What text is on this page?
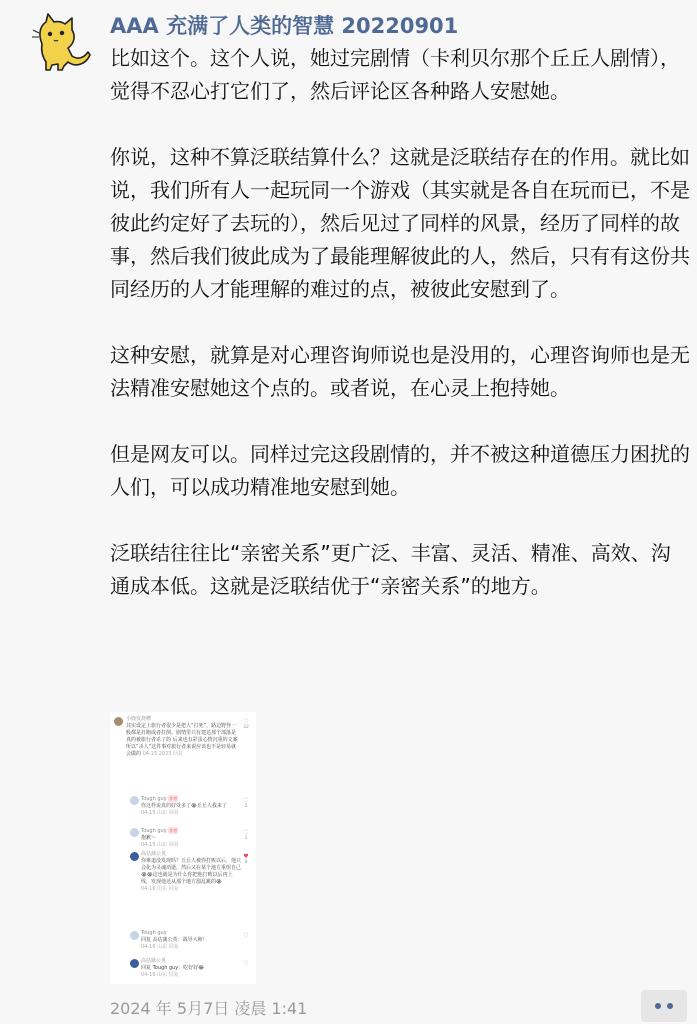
AAA 充满了人类的智慧 20220901

比如这个。这个人说，她过完剧情（卡利贝尔那个丘丘人剧情），觉得不忍心打它们了，然后评论区各种路人安慰她。

你说，这种不算泛联结算什么？这就是泛联结存在的作用。就比如说，我们所有人一起玩同一个游戏（其实就是各自在玩而已，不是彼此约定好了去玩的），然后见过了同样的风景，经历了同样的故事，然后我们彼此成为了最能理解彼此的人，然后，只有有这份共同经历的人才能理解的难过的点，被彼此安慰到了。

这种安慰，就算是对心理咨询师说也是没用的，心理咨询师也是无法精准安慰她这个点的。或者说，在心灵上抱持她。

但是网友可以。同样过完这段剧情的，并不被这种道德压力困扰的人们，可以成功精准地安慰到她。

泛联结往往比“亲密关系”更广泛、丰富、灵活、精准、高效、沟通成本低。这就是泛联结优于“亲密关系”的地方。

小鹿发烧槽
其实设定上旅行者很少是把人“打死”，路边野怪一般都是打跑或者打倒。剧情里只有建达那个部落是真的被旅行者杀了的 后来也有彩蛋心情沉重的文案 所以“杀人”这件事对旅行者来说应该也不是轻易就会做的 04-15 2023 回复
♡
32
Tough guy 作者
你这样说真的好受多了😭丘丘人我来了
04-15 山东 回复
♡
2
Tough guy 作者
抱歉～
04-15 山东 回复
♡
1
高估蒲公英
你难道没发现吗？丘丘人被你打败以后，他只会化为灵魂消逝，然后又在某个地方重组自己😭😭这也就是为什么你把他打败以后再上线，发现他还从那个地方溜乱跳的😭
04-16 山东 回复
♥
8
Tough guy
回复 高估蒲公英：战导大师！
04-16 山东 回复
♡
高估蒲公英
回复 Tough guy：吃好好😂
04-16 山东 回复
♡
2024 年 5月7日 凌晨 1:41
